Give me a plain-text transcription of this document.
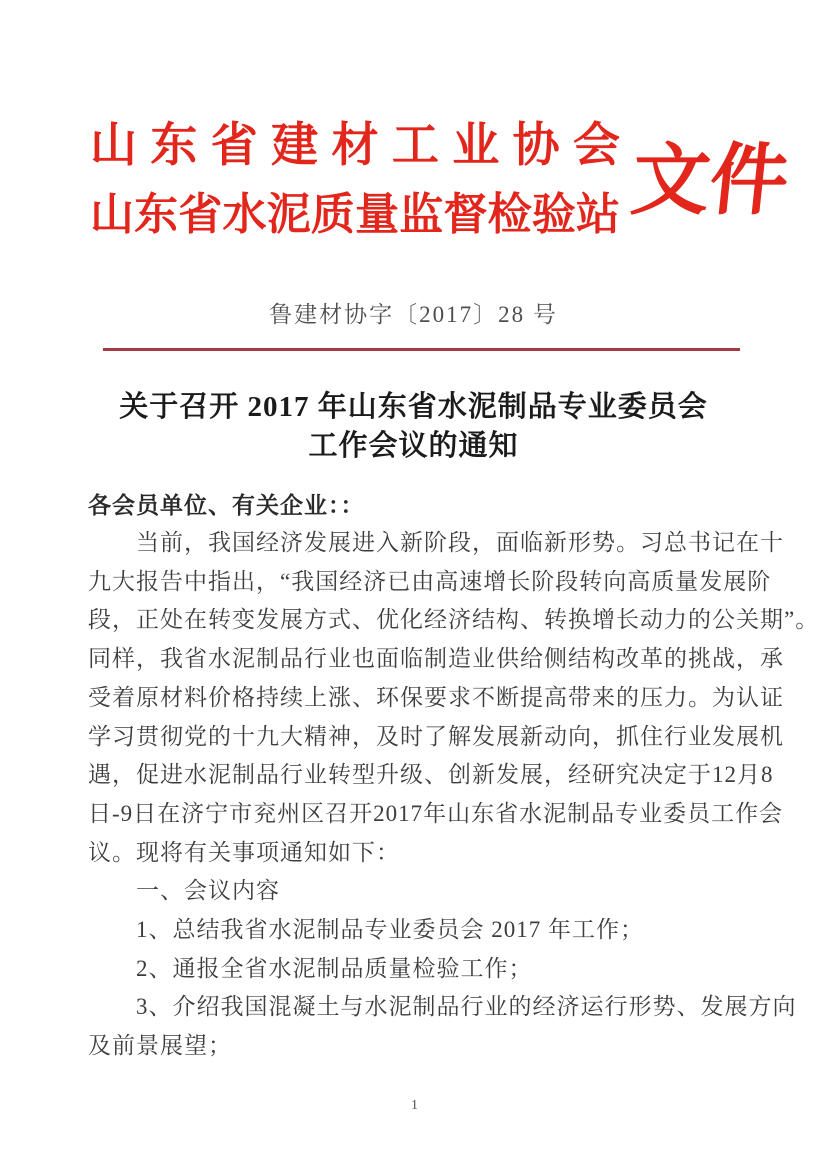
山 东 省 建 材 工 业 协 会
山东省水泥质量监督检验站 文件
鲁建材协字〔2017〕28 号
关于召开 2017 年山东省水泥制品专业委员会
工作会议的通知
各会员单位、有关企业：：
　　当前，我国经济发展进入新阶段，面临新形势。习总书记在十
九大报告中指出，“我国经济已由高速增长阶段转向高质量发展阶
段，正处在转变发展方式、优化经济结构、转换增长动力的公关期”。
同样，我省水泥制品行业也面临制造业供给侧结构改革的挑战，承
受着原材料价格持续上涨、环保要求不断提高带来的压力。为认证
学习贯彻党的十九大精神，及时了解发展新动向，抓住行业发展机
遇，促进水泥制品行业转型升级、创新发展，经研究决定于12月8
日-9日在济宁市兖州区召开2017年山东省水泥制品专业委员工作会
议。现将有关事项通知如下：
　　一、会议内容
　　1、总结我省水泥制品专业委员会 2017 年工作；
　　2、通报全省水泥制品质量检验工作；
　　3、介绍我国混凝土与水泥制品行业的经济运行形势、发展方向
及前景展望；
1
